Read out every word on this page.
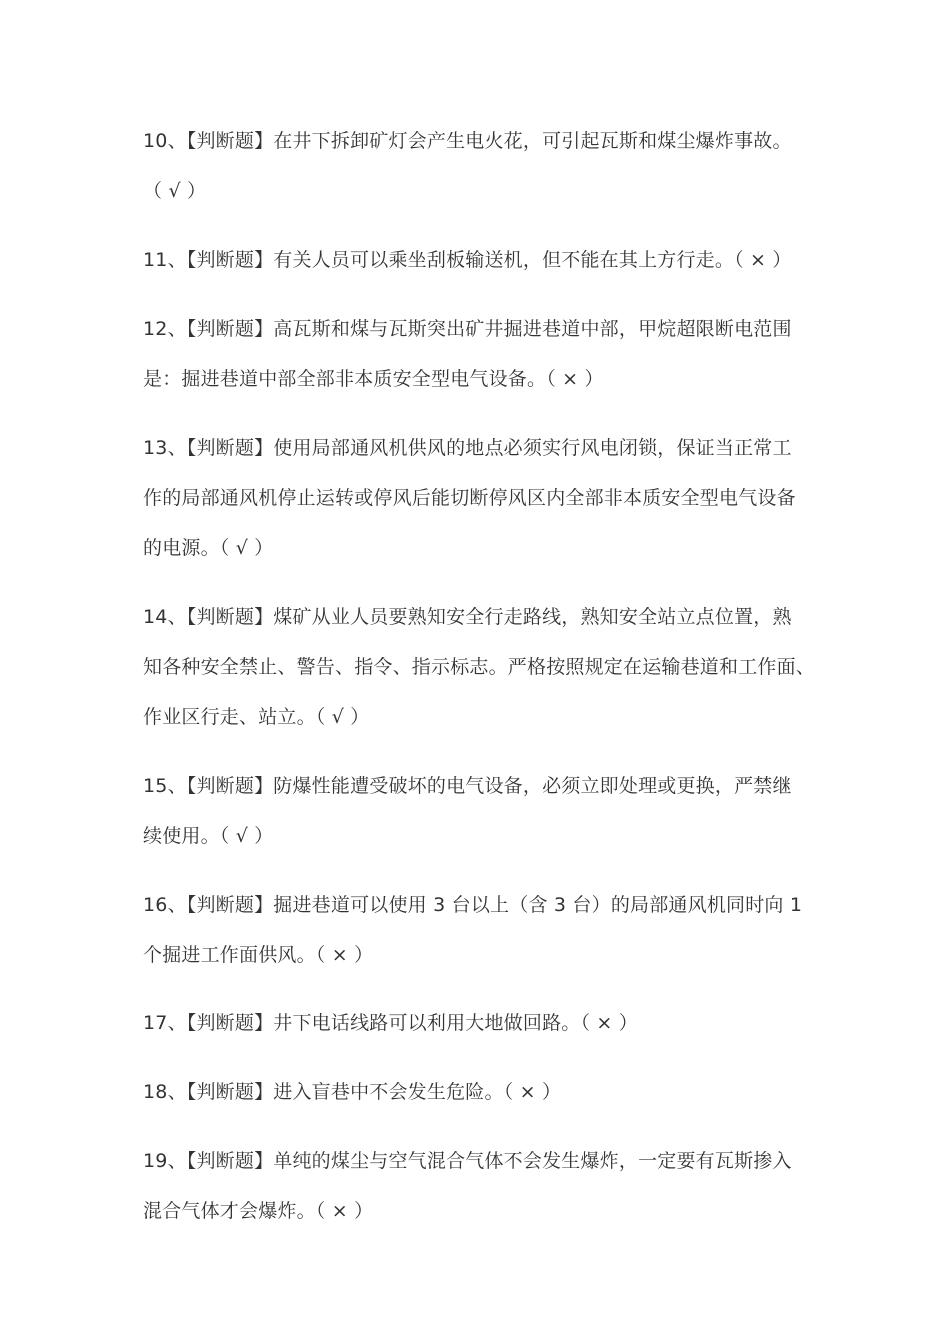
10、【判断题】在井下拆卸矿灯会产生电火花，可引起瓦斯和煤尘爆炸事故。
（ √ ）
11、【判断题】有关人员可以乘坐刮板输送机，但不能在其上方行走。（ × ）
12、【判断题】高瓦斯和煤与瓦斯突出矿井掘进巷道中部，甲烷超限断电范围
是：掘进巷道中部全部非本质安全型电气设备。（ × ）
13、【判断题】使用局部通风机供风的地点必须实行风电闭锁，保证当正常工
作的局部通风机停止运转或停风后能切断停风区内全部非本质安全型电气设备
的电源。（ √ ）
14、【判断题】煤矿从业人员要熟知安全行走路线，熟知安全站立点位置，熟
知各种安全禁止、警告、指令、指示标志。严格按照规定在运输巷道和工作面、
作业区行走、站立。（ √ ）
15、【判断题】防爆性能遭受破坏的电气设备，必须立即处理或更换，严禁继
续使用。（ √ ）
16、【判断题】掘进巷道可以使用 3 台以上（含 3 台）的局部通风机同时向 1
个掘进工作面供风。（ × ）
17、【判断题】井下电话线路可以利用大地做回路。（ × ）
18、【判断题】进入盲巷中不会发生危险。（ × ）
19、【判断题】单纯的煤尘与空气混合气体不会发生爆炸，一定要有瓦斯掺入
混合气体才会爆炸。（ × ）
